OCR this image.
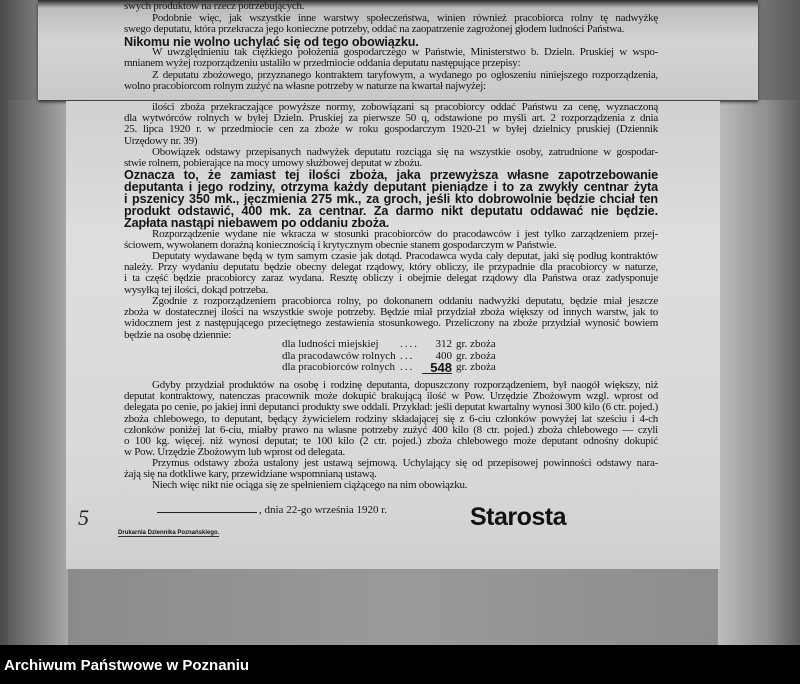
swych produktów na rzecz potrzebujących.
Podobnie więc, jak wszystkie inne warstwy społeczeństwa, winien również pracobiorca rolny tę nadwyżkę
swego deputatu, która przekracza jego konieczne potrzeby, oddać na zaopatrzenie zagrożonej głodem ludności Państwa.
Nikomu nie wolno uchylać się od tego obowiązku.
W uwzględnieniu tak ciężkiego położenia gospodarczego w Państwie, Ministerstwo b. Dzieln. Pruskiej w wspo-
mnianem wyżej rozporządzeniu ustaliło w przedmiocie oddania deputatu następujące przepisy:
Z deputatu zbożowego, przyznanego kontraktem taryfowym, a wydanego po ogłoszeniu niniejszego rozporządzenia,
wolno pracobiorcom rolnym zużyć na własne potrzeby w naturze na kwartał najwyżej:
ilości zboża przekraczające powyższe normy, zobowiązani są pracobiorcy oddać Państwu za cenę, wyznaczoną
dla wytwórców rolnych w byłej Dzieln. Pruskiej za pierwsze 50 q, odstawione po myśli art. 2 rozporządzenia z dnia
25. lipca 1920 r. w przedmiocie cen za zboże w roku gospodarczym 1920-21 w byłej dzielnicy pruskiej (Dziennik
Urzędowy nr. 39)
Obowiązek odstawy przepisanych nadwyżek deputatu rozciąga się na wszystkie osoby, zatrudnione w gospodar-
stwie rolnem, pobierające na mocy umowy służbowej deputat w zbożu.
Oznacza to, że zamiast tej ilości zboża, jaka przewyższa własne zapotrzebowanie
deputanta i jego rodziny, otrzyma każdy deputant pieniądze i to za zwykły centnar żyta
i pszenicy 350 mk., jęczmienia 275 mk., za groch, jeśli kto dobrowolnie będzie chciał ten
produkt odstawić, 400 mk. za centnar. Za darmo nikt deputatu oddawać nie będzie.
Zapłata nastąpi niebawem po oddaniu zboża.
Rozporządzenie wydane nie wkracza w stosunki pracobiorców do pracodawców i jest tylko zarządzeniem przej-
ściowem, wywołanem doraźną koniecznością i krytycznym obecnie stanem gospodarczym w Państwie.
Deputaty wydawane będą w tym samym czasie jak dotąd. Pracodawca wyda cały deputat, jaki się podług kontraktów
należy. Przy wydaniu deputatu będzie obecny delegat rządowy, który obliczy, ile przypadnie dla pracobiorcy w naturze,
i ta część będzie pracobiorcy zaraz wydana. Resztę obliczy i obejmie delegat rządowy dla Państwa oraz zadysponuje
wysyłką tej ilości, dokąd potrzeba.
Zgodnie z rozporządzeniem pracobiorca rolny, po dokonanem oddaniu nadwyżki deputatu, będzie miał jeszcze
zboża w dostatecznej ilości na wszystkie swoje potrzeby. Będzie miał przydział zboża większy od innych warstw, jak to
widocznem jest z następującego przeciętnego zestawienia stosunkowego. Przeliczony na zboże przydział wynosić bowiem
będzie na osobę dziennie:
dla ludności miejskiej	....	312 gr. zboża
dla pracodawców rolnych ...	400 gr. zboża
dla pracobiorców rolnych ...	548 gr. zboża
Gdyby przydział produktów na osobę i rodzinę deputanta, dopuszczony rozporządzeniem, był naogół większy, niż
deputat kontraktowy, natenczas pracownik może dokupić brakującą ilość w Pow. Urzędzie Zbożowym wzgl. wprost od
delegata po cenie, po jakiej inni deputanci produkty swe oddali. Przykład: jeśli deputat kwartalny wynosi 300 kilo (6 ctr. pojed.)
zboża chlebowego, to deputant, będący żywicielem rodziny składającej się z 6-ciu członków powyżej lat sześciu i 4-ch
członków poniżej lat 6-ciu, miałby prawo na własne potrzeby zużyć 400 kilo (8 ctr. pojed.) zboża chlebowego — czyli
o 100 kg. więcej. niż wynosi deputat; te 100 kilo (2 ctr. pojed.) zboża chlebowego może deputant odnośny dokupić
w Pow. Urzędzie Zbożowym lub wprost od delegata.
Przymus odstawy zboża ustalony jest ustawą sejmową. Uchylający się od przepisowej powinności odstawy nara-
żają się na dotkliwe kary, przewidziane wspomnianą ustawą.
Niech więc nikt nie ociąga się ze spełnieniem ciążącego na nim obowiązku.
, dnia 22-go września 1920 r.	Starosta
Drukarnia Dziennika Poznańskiego.
5
Archiwum Państwowe w Poznaniu
